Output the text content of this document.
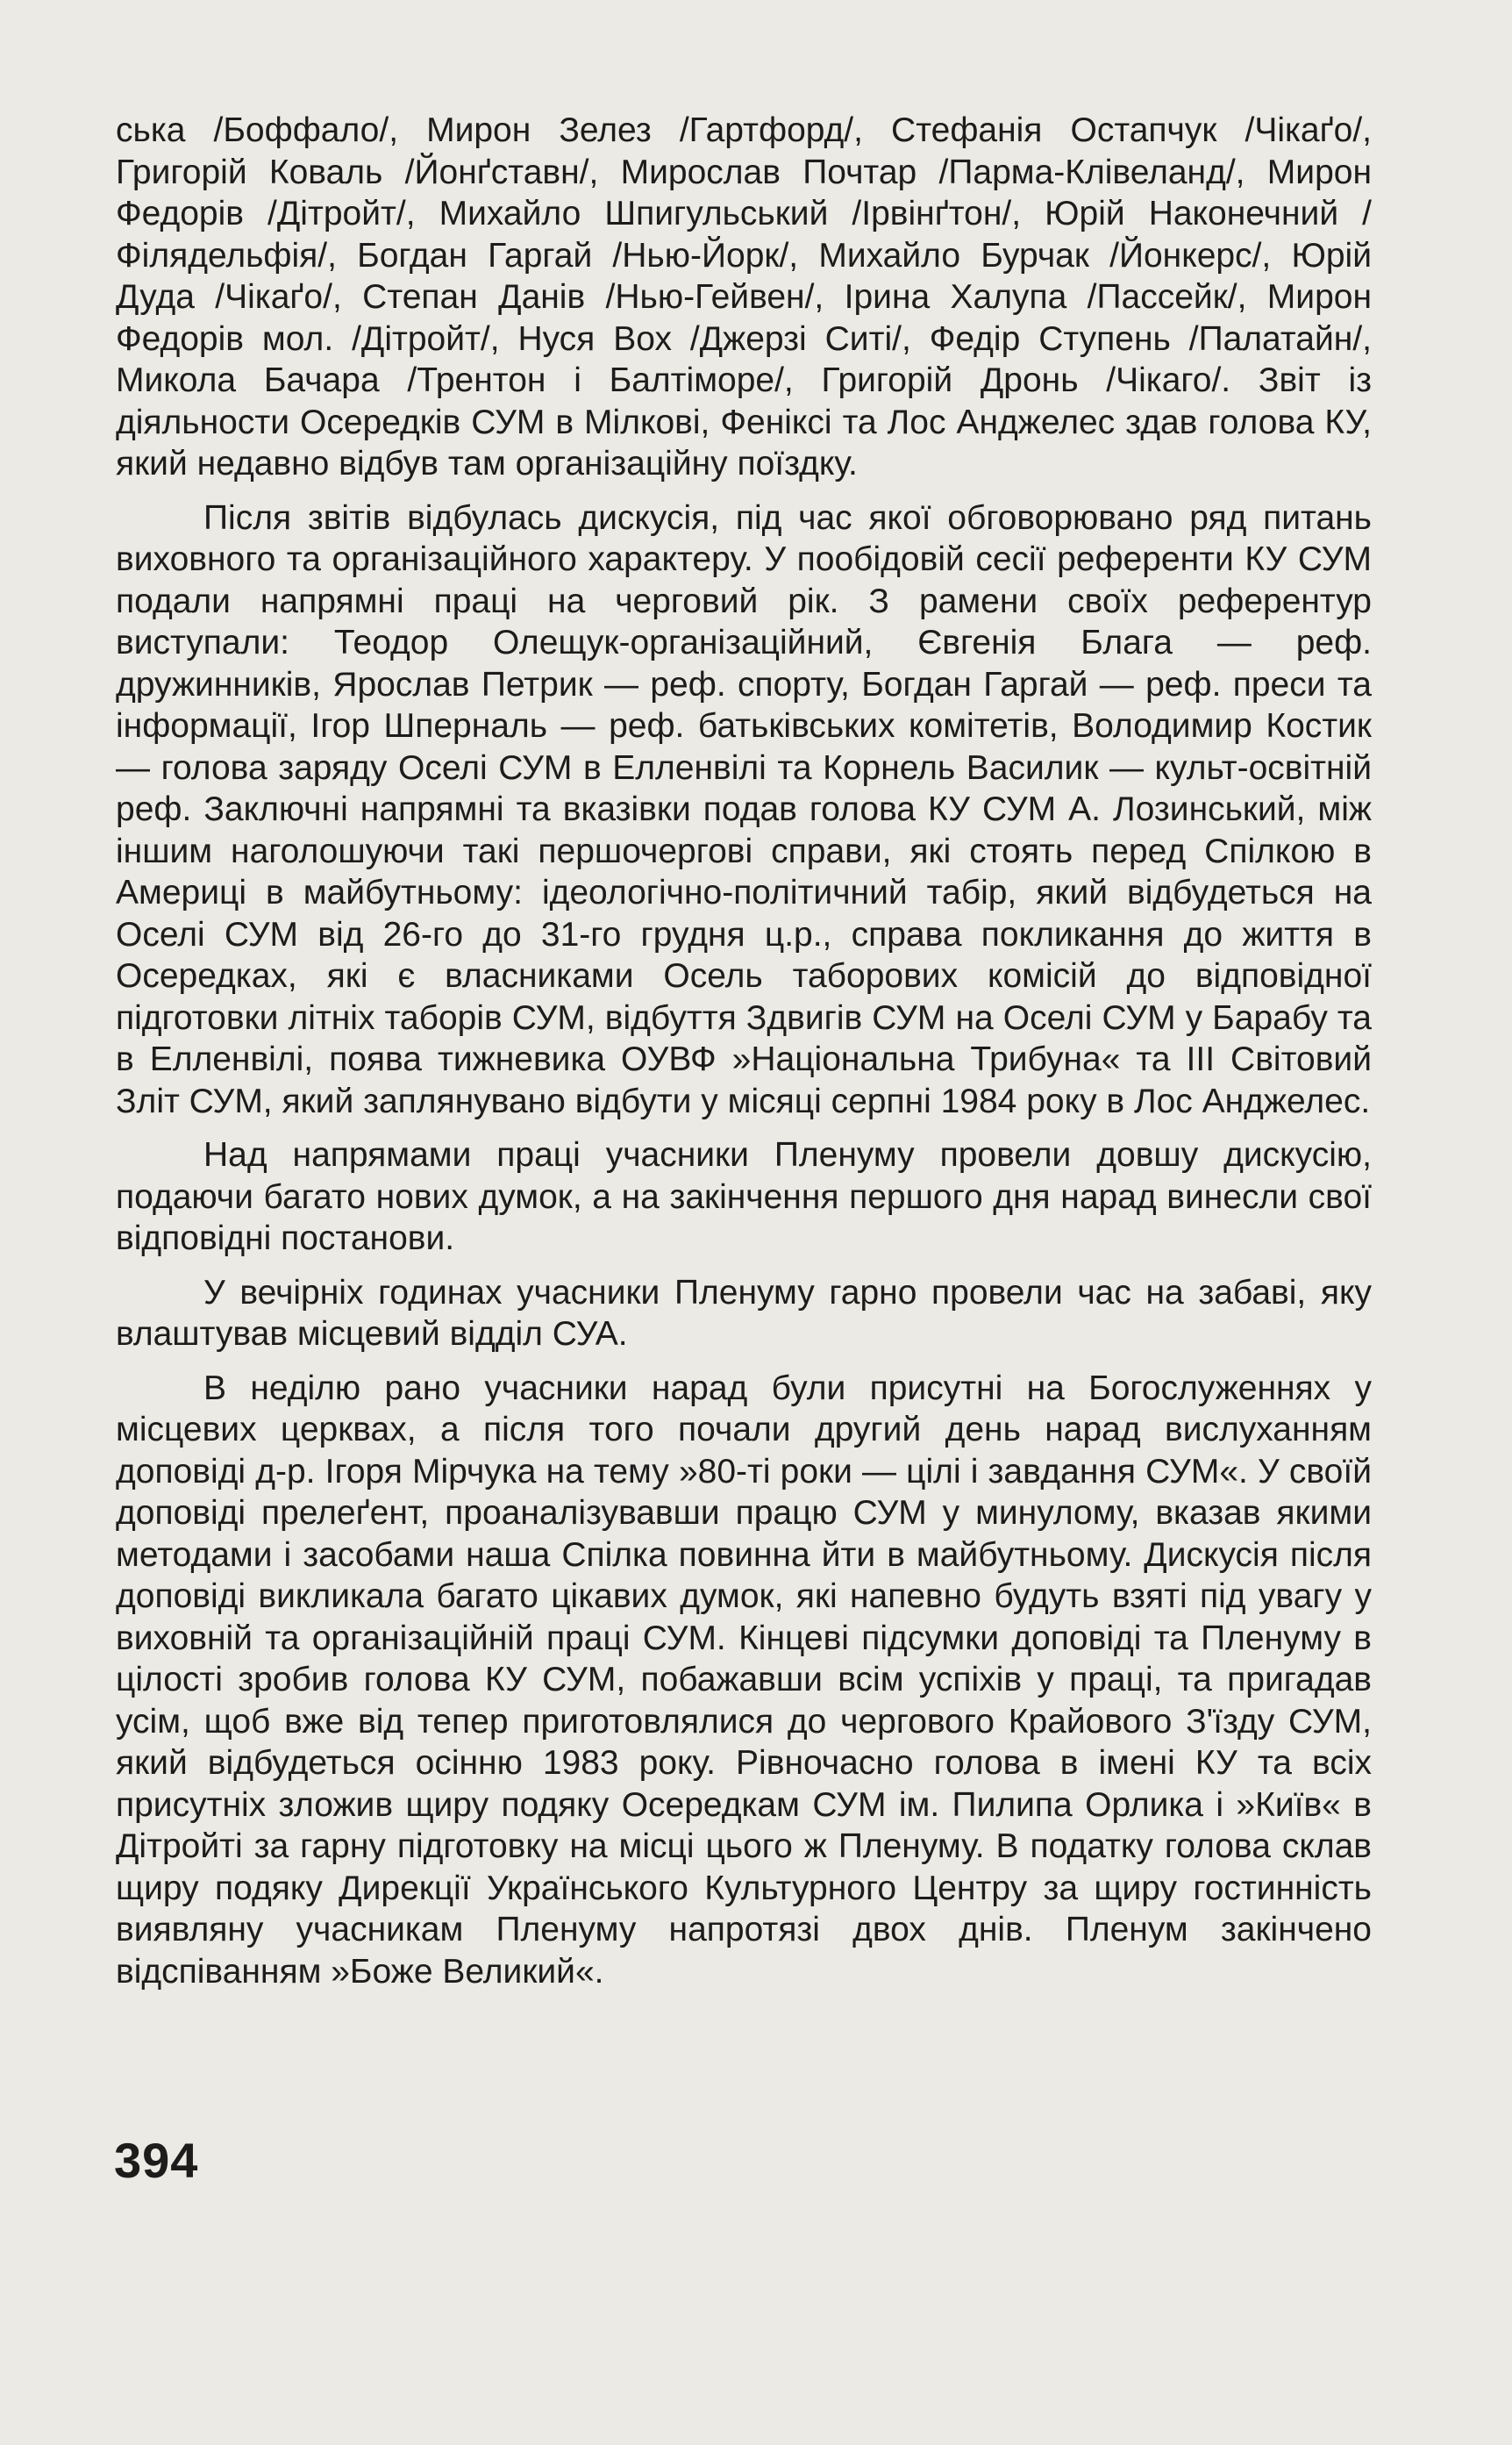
ська /Боффало/, Мирон Зелез /Гартфорд/, Стефанія Остапчук /Чікаґо/, Григорій Коваль /Йонґставн/, Мирослав Почтар /Парма-Клівеланд/, Мирон Федорів /Дітройт/, Михайло Шпигульський /Ірвінґтон/, Юрій Наконечний /Філядельфія/, Богдан Гаргай /Нью-Йорк/, Михайло Бурчак /Йонкерс/, Юрій Дуда /Чікаґо/, Степан Данів /Нью-Гейвен/, Ірина Халупа /Пассейк/, Мирон Федорів мол. /Дітройт/, Нуся Вох /Джерзі Ситі/, Федір Ступень /Палатайн/, Микола Бачара /Трентон і Балтіморе/, Григорій Дронь /Чікаго/. Звіт із діяльности Осередків СУМ в Мілкові, Феніксі та Лос Анджелес здав голова КУ, який недавно відбув там організаційну поїздку.

Після звітів відбулась дискусія, під час якої обговорювано ряд питань виховного та організаційного характеру. У пообідовій сесії референти КУ СУМ подали напрямні праці на черговий рік. З рамени своїх референтур виступали: Теодор Олещук-організаційний, Євгенія Блага — реф. дружинників, Ярослав Петрик — реф. спорту, Богдан Гаргай — реф. преси та інформації, Ігор Шперналь — реф. батьківських комітетів, Володимир Костик — голова заряду Оселі СУМ в Елленвілі та Корнель Василик — культ-освітній реф. Заключні напрямні та вказівки подав голова КУ СУМ А. Лозинський, між іншим наголошуючи такі першочергові справи, які стоять перед Спілкою в Америці в майбутньому: ідеологічно-політичний табір, який відбудеться на Оселі СУМ від 26-го до 31-го грудня ц.р., справа покликання до життя в Осередках, які є власниками Осель таборових комісій до відповідної підготовки літніх таборів СУМ, відбуття Здвигів СУМ на Оселі СУМ у Барабу та в Елленвілі, поява тижневика ОУВФ »Національна Трибуна« та III Світовий Зліт СУМ, який заплянувано відбути у місяці серпні 1984 року в Лос Анджелес.

Над напрямами праці учасники Пленуму провели довшу дискусію, подаючи багато нових думок, а на закінчення першого дня нарад винесли свої відповідні постанови.

У вечірніх годинах учасники Пленуму гарно провели час на забаві, яку влаштував місцевий відділ СУА.

В неділю рано учасники нарад були присутні на Богослуженнях у місцевих церквах, а після того почали другий день нарад вислуханням доповіді д-р. Ігоря Мірчука на тему »80-ті роки — цілі і завдання СУМ«. У своїй доповіді прелеґент, проаналізувавши працю СУМ у минулому, вказав якими методами і засобами наша Спілка повинна йти в майбутньому. Дискусія після доповіді викликала багато цікавих думок, які напевно будуть взяті під увагу у виховній та організаційній праці СУМ. Кінцеві підсумки доповіді та Пленуму в цілості зробив голова КУ СУМ, побажавши всім успіхів у праці, та пригадав усім, щоб вже від тепер приготовлялися до чергового Крайового З'їзду СУМ, який відбудеться осінню 1983 року. Рівночасно голова в імені КУ та всіх присутніх зложив щиру подяку Осередкам СУМ ім. Пилипа Орлика і »Київ« в Дітройті за гарну підготовку на місці цього ж Пленуму. В податку голова склав щиру подяку Дирекції Українського Культурного Центру за щиру гостинність виявляну учасникам Пленуму напротязі двох днів. Пленум закінчено відспіванням »Боже Великий«.

394
